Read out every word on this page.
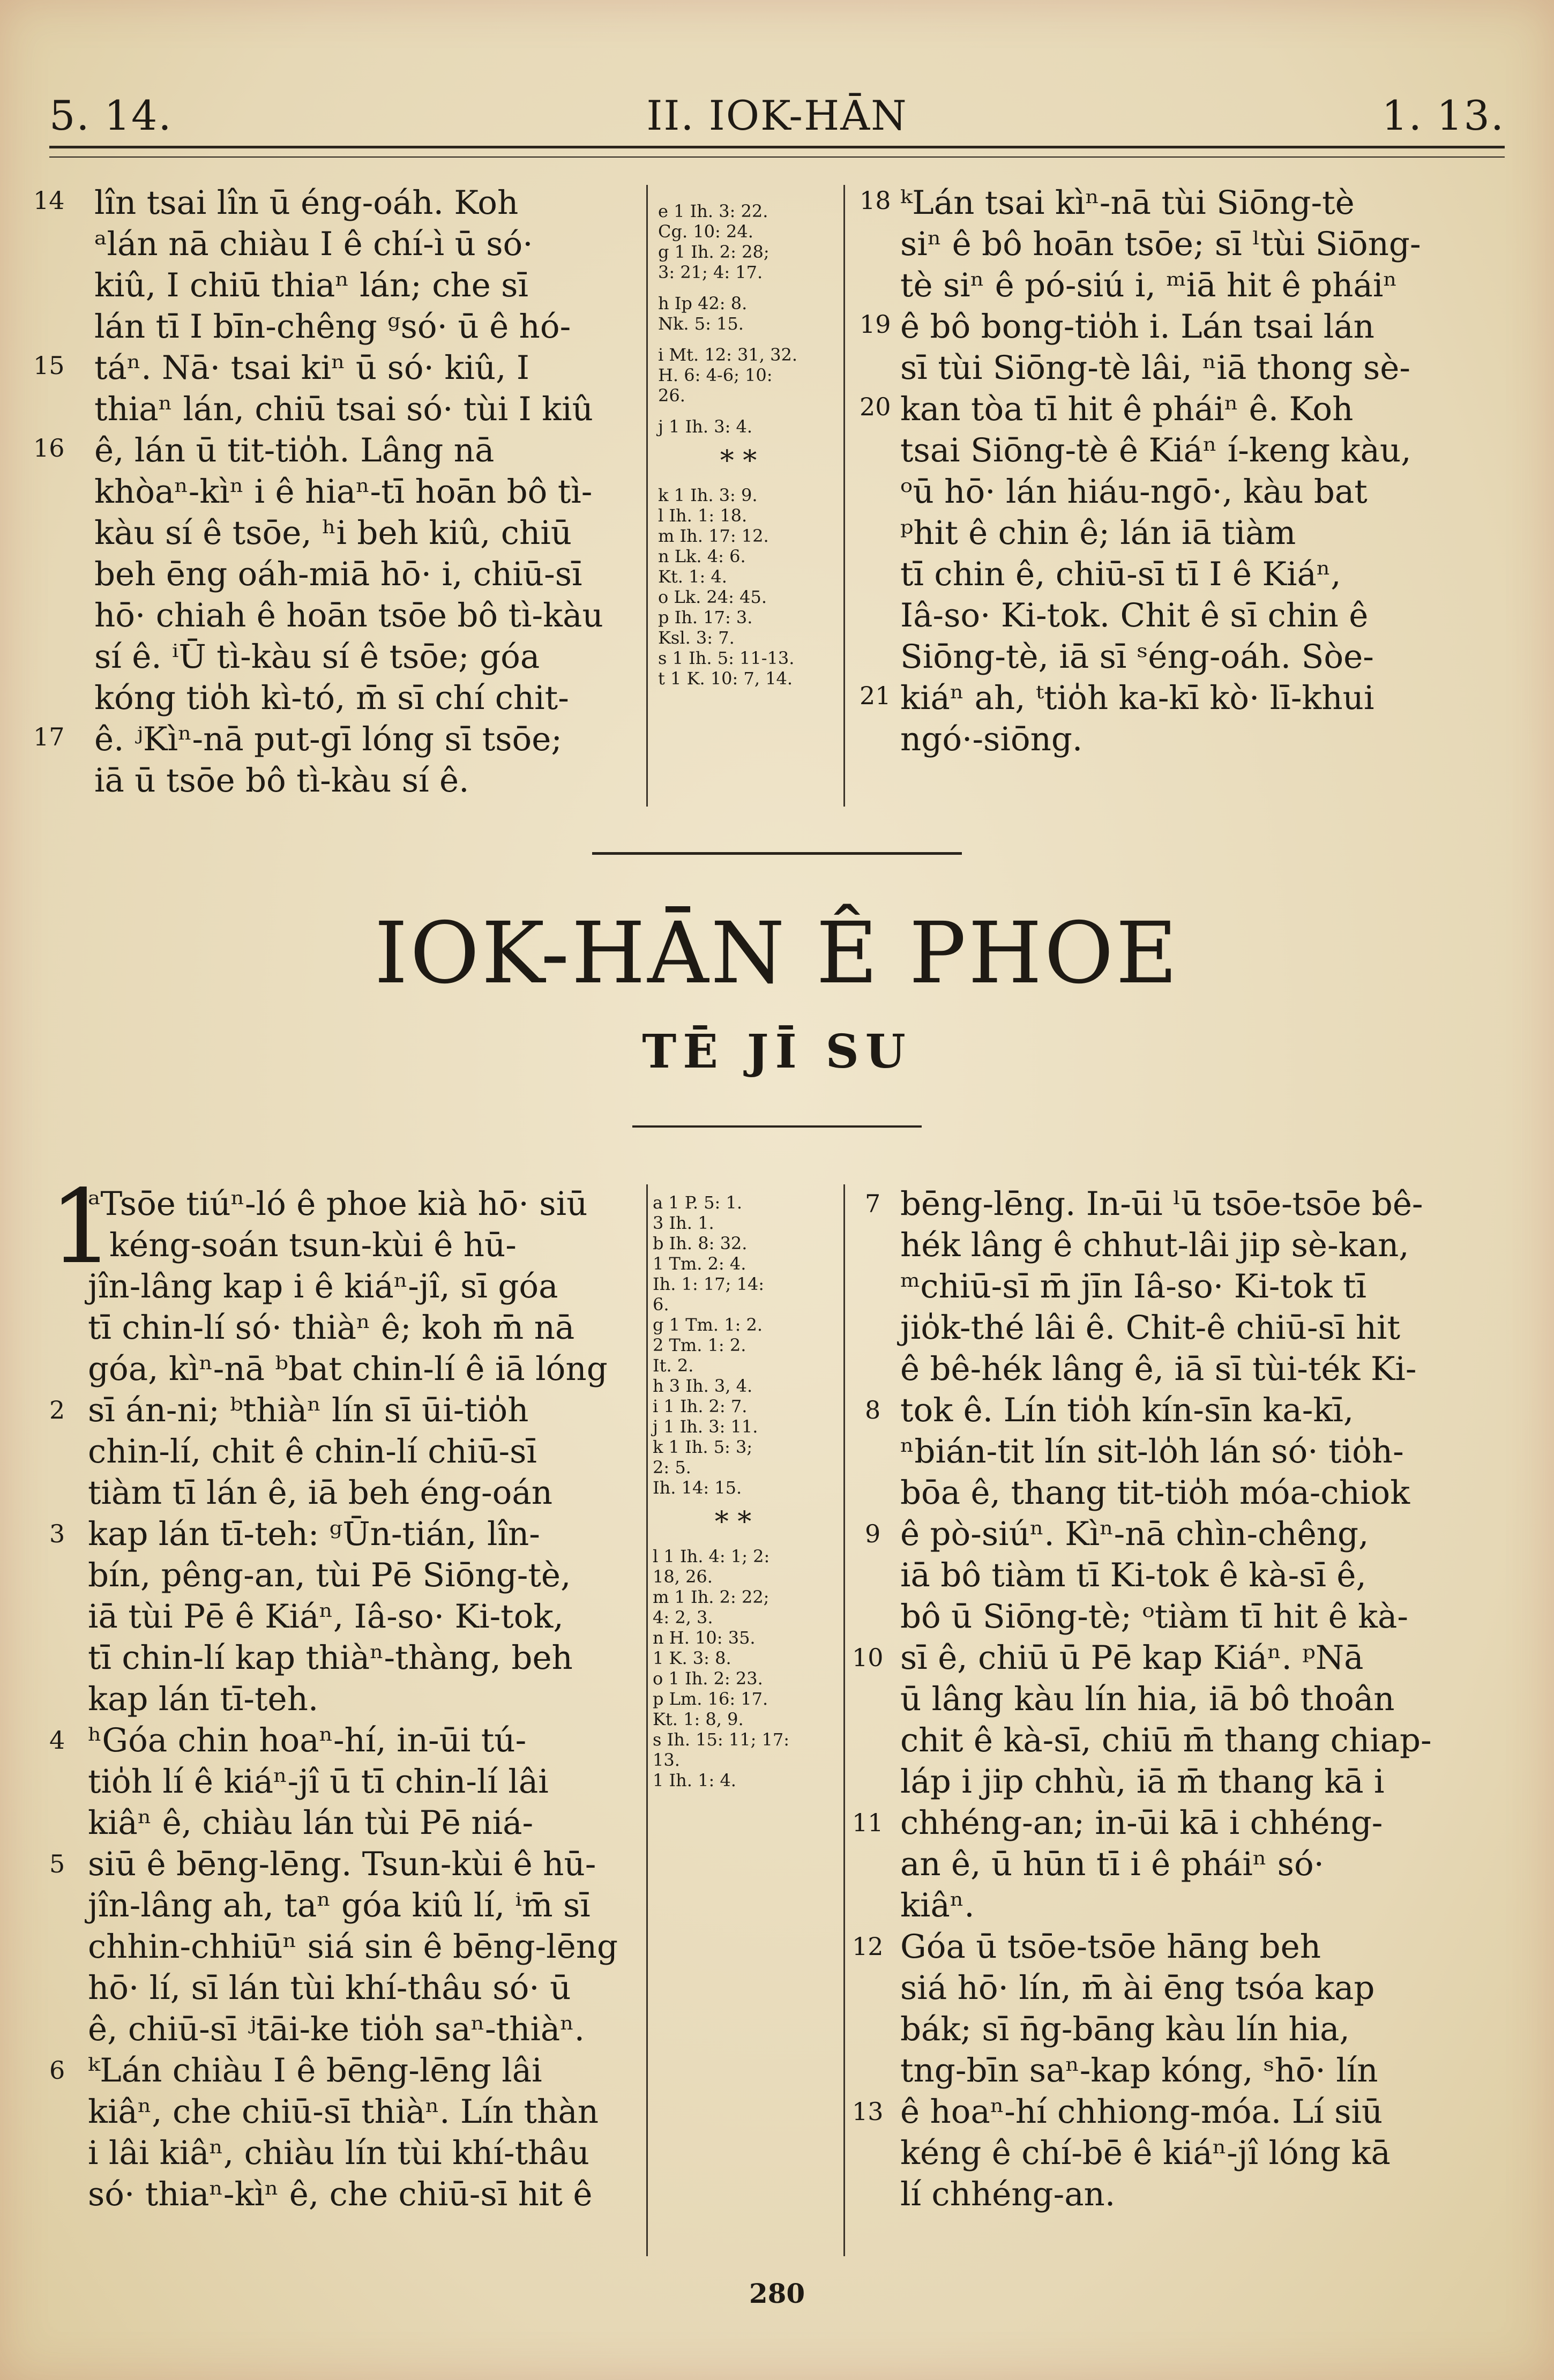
5. 14.	II. IOK-HĀN	1. 13.
lîn tsai lîn ū éng-oáh. Koh
ᵃlán nā chiàu I ê chí-ì ū só·
kiû, I chiū thiaⁿ lán; che sī
lán tī I bīn-chêng ᵍsó· ū ê hó-
táⁿ. Nā· tsai kiⁿ ū só· kiû, I
thiaⁿ lán, chiū tsai só· tùi I kiû
ê, lán ū tit-tio̍h. Lâng nā
khòaⁿ-kìⁿ i ê hiaⁿ-tī hoān bô tì-
kàu sí ê tsōe, ʰi beh kiû, chiū
beh ēng oáh-miā hō· i, chiū-sī
hō· chiah ê hoān tsōe bô tì-kàu
sí ê. ⁱŪ tì-kàu sí ê tsōe; góa
kóng tio̍h kì-tó, m̄ sī chí chit-
ê. ʲKìⁿ-nā put-gī lóng sī tsōe;
iā ū tsōe bô tì-kàu sí ê.
14
15
16
17
e 1 Ih. 3: 22.
Cg. 10: 24.
g 1 Ih. 2: 28;
3: 21; 4: 17.
h Ip 42: 8.
Nk. 5: 15.
i Mt. 12: 31, 32.
H. 6: 4-6; 10:
26.
j 1 Ih. 3: 4.
* *
k 1 Ih. 3: 9.
l Ih. 1: 18.
m Ih. 17: 12.
n Lk. 4: 6.
Kt. 1: 4.
o Lk. 24: 45.
p Ih. 17: 3.
Ksl. 3: 7.
s 1 Ih. 5: 11-13.
t 1 K. 10: 7, 14.
ᵏLán tsai kìⁿ-nā tùi Siōng-tè
siⁿ ê bô hoān tsōe; sī ˡtùi Siōng-
tè siⁿ ê pó-siú i, ᵐiā hit ê pháiⁿ
ê bô bong-tio̍h i. Lán tsai lán
sī tùi Siōng-tè lâi, ⁿiā thong sè-
kan tòa tī hit ê pháiⁿ ê. Koh
tsai Siōng-tè ê Kiáⁿ í-keng kàu,
ᵒū hō· lán hiáu-ngō·, kàu bat
ᵖhit ê chin ê; lán iā tiàm
tī chin ê, chiū-sī tī I ê Kiáⁿ,
Iâ-so· Ki-tok. Chit ê sī chin ê
Siōng-tè, iā sī ˢéng-oáh. Sòe-
kiáⁿ ah, ᵗtio̍h ka-kī kò· lī-khui
ngó·-siōng.
18
19
20
21
IOK-HĀN Ê PHOE
TĒ JĪ SU
1
ᵃTsōe tiúⁿ-ló ê phoe kià hō· siū
kéng-soán tsun-kùi ê hū-
jîn-lâng kap i ê kiáⁿ-jî, sī góa
tī chin-lí só· thiàⁿ ê; koh m̄ nā
góa, kìⁿ-nā ᵇbat chin-lí ê iā lóng
sī án-ni; ᵇthiàⁿ lín sī ūi-tio̍h
chin-lí, chit ê chin-lí chiū-sī
tiàm tī lán ê, iā beh éng-oán
kap lán tī-teh: ᵍŪn-tián, lîn-
bín, pêng-an, tùi Pē Siōng-tè,
iā tùi Pē ê Kiáⁿ, Iâ-so· Ki-tok,
tī chin-lí kap thiàⁿ-thàng, beh
kap lán tī-teh.
ʰGóa chin hoaⁿ-hí, in-ūi tú-
tio̍h lí ê kiáⁿ-jî ū tī chin-lí lâi
kiâⁿ ê, chiàu lán tùi Pē niá-
siū ê bēng-lēng. Tsun-kùi ê hū-
jîn-lâng ah, taⁿ góa kiû lí, ⁱm̄ sī
chhin-chhiūⁿ siá sin ê bēng-lēng
hō· lí, sī lán tùi khí-thâu só· ū
ê, chiū-sī ʲtāi-ke tio̍h saⁿ-thiàⁿ.
ᵏLán chiàu I ê bēng-lēng lâi
kiâⁿ, che chiū-sī thiàⁿ. Lín thàn
i lâi kiâⁿ, chiàu lín tùi khí-thâu
só· thiaⁿ-kìⁿ ê, che chiū-sī hit ê
2
3
4
5
6
a 1 P. 5: 1.
3 Ih. 1.
b Ih. 8: 32.
1 Tm. 2: 4.
Ih. 1: 17; 14:
6.
g 1 Tm. 1: 2.
2 Tm. 1: 2.
It. 2.
h 3 Ih. 3, 4.
i 1 Ih. 2: 7.
j 1 Ih. 3: 11.
k 1 Ih. 5: 3;
2: 5.
Ih. 14: 15.
* *
l 1 Ih. 4: 1; 2:
18, 26.
m 1 Ih. 2: 22;
4: 2, 3.
n H. 10: 35.
1 K. 3: 8.
o 1 Ih. 2: 23.
p Lm. 16: 17.
Kt. 1: 8, 9.
s Ih. 15: 11; 17:
13.
1 Ih. 1: 4.
bēng-lēng. In-ūi ˡū tsōe-tsōe bê-
hék lâng ê chhut-lâi jip sè-kan,
ᵐchiū-sī m̄ jīn Iâ-so· Ki-tok tī
jio̍k-thé lâi ê. Chit-ê chiū-sī hit
ê bê-hék lâng ê, iā sī tùi-ték Ki-
tok ê. Lín tio̍h kín-sīn ka-kī,
ⁿbián-tit lín sit-lo̍h lán só· tio̍h-
bōa ê, thang tit-tio̍h móa-chiok
ê pò-siúⁿ. Kìⁿ-nā chìn-chêng,
iā bô tiàm tī Ki-tok ê kà-sī ê,
bô ū Siōng-tè; ᵒtiàm tī hit ê kà-
sī ê, chiū ū Pē kap Kiáⁿ. ᵖNā
ū lâng kàu lín hia, iā bô thoân
chit ê kà-sī, chiū m̄ thang chiap-
láp i jip chhù, iā m̄ thang kā i
chhéng-an; in-ūi kā i chhéng-
an ê, ū hūn tī i ê pháiⁿ só·
kiâⁿ.
Góa ū tsōe-tsōe hāng beh
siá hō· lín, m̄ ài ēng tsóa kap
bák; sī n̄g-bāng kàu lín hia,
tng-bīn saⁿ-kap kóng, ˢhō· lín
ê hoaⁿ-hí chhiong-móa. Lí siū
kéng ê chí-bē ê kiáⁿ-jî lóng kā
lí chhéng-an.
7
8
9
10
11
12
13
280
